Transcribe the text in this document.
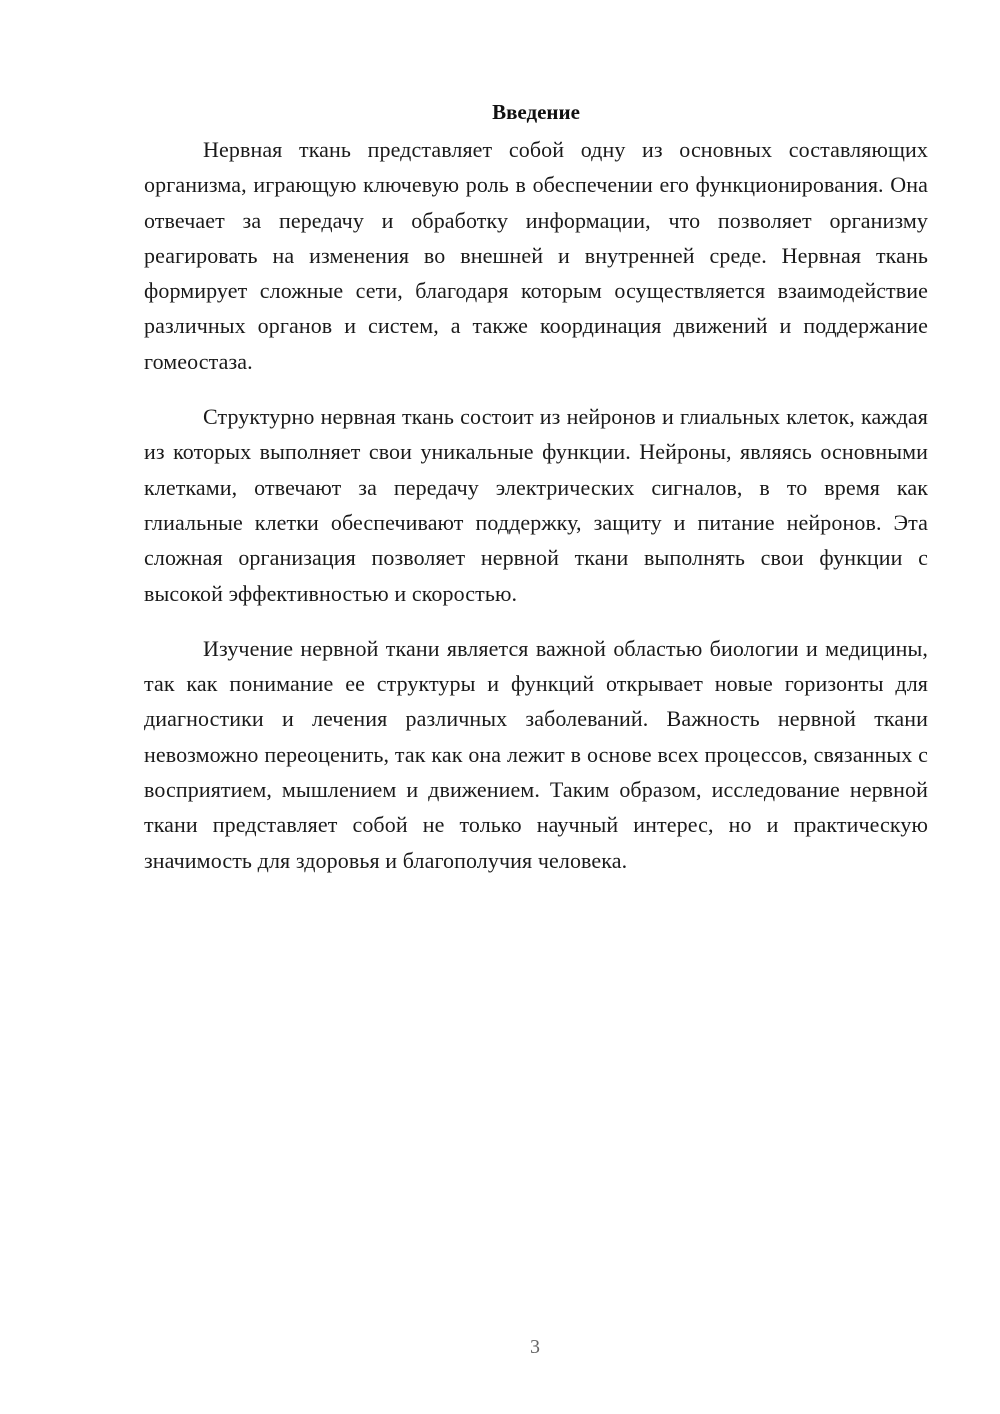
Введение

Нервная ткань представляет собой одну из основных составляющих организма, играющую ключевую роль в обеспечении его функционирования. Она отвечает за передачу и обработку информации, что позволяет организму реагировать на изменения во внешней и внутренней среде. Нервная ткань формирует сложные сети, благодаря которым осуществляется взаимодействие различных органов и систем, а также координация движений и поддержание гомеостаза.

Структурно нервная ткань состоит из нейронов и глиальных клеток, каждая из которых выполняет свои уникальные функции. Нейроны, являясь основными клетками, отвечают за передачу электрических сигналов, в то время как глиальные клетки обеспечивают поддержку, защиту и питание нейронов. Эта сложная организация позволяет нервной ткани выполнять свои функции с высокой эффективностью и скоростью.

Изучение нервной ткани является важной областью биологии и медицины, так как понимание ее структуры и функций открывает новые горизонты для диагностики и лечения различных заболеваний. Важность нервной ткани невозможно переоценить, так как она лежит в основе всех процессов, связанных с восприятием, мышлением и движением. Таким образом, исследование нервной ткани представляет собой не только научный интерес, но и практическую значимость для здоровья и благополучия человека.

3
